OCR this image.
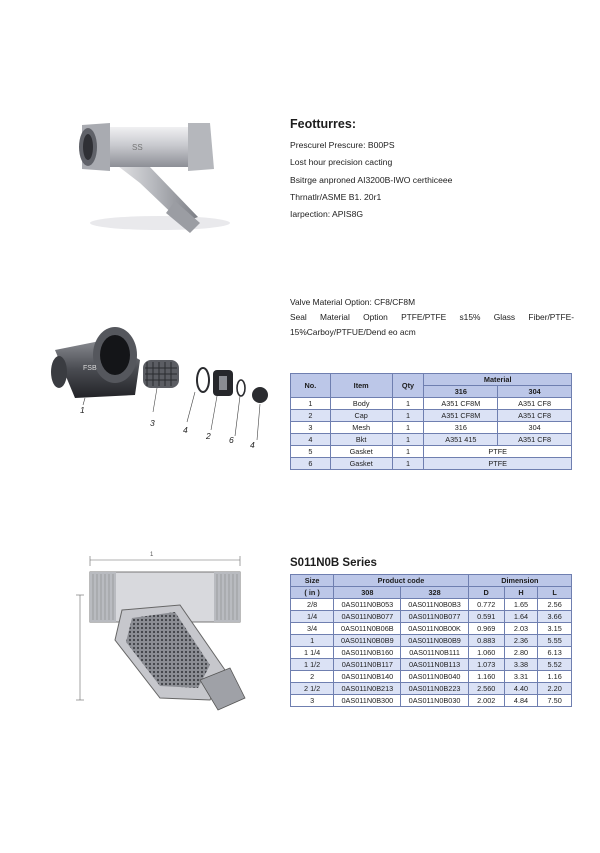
SS
Feotturres:
Prescurel Prescure: B00PS
Lost hour precision cacting
Bsitrge anproned AI3200B-IWO certhiceee
Thrnatlr/ASME B1. 20r1
Iarpection: APIS8G
FSB
1
3
4
2 6 4
Valve Material Option: CF8/CF8M
Seal Material Option PTFE/PTFE s15% Glass Fiber/PTFE-
15%Carboy/PTFUE/Dend eo acm
No.	Item	Qty	Material	
			316	304
1	Body	1	A351 CF8M	A351 CF8
2	Cap	1	A351 CF8M	A351 CF8
3	Mesh	1	316	304
4	Bkt	1	A351 415	A351 CF8
5	Gasket	1	PTFE	
6	Gasket	1	PTFE	
1
S011N0B Series
Size	Product code		Dimension		
( in )	308	328	D	H	L
2/8	0AS011N0B053	0AS011N0B0B3	0.772	1.65	2.56
1/4	0AS011N0B077	0AS011N0B077	0.591	1.64	3.66
3/4	0AS011N0B06B	0AS011N0B00K	0.969	2.03	3.15
1	0AS011N0B0B9	0AS011N0B0B9	0.883	2.36	5.55
1 1/4	0AS011N0B160	0AS011N0B111	1.060	2.80	6.13
1 1/2	0AS011N0B117	0AS011N0B113	1.073	3.38	5.52
2	0AS011N0B140	0AS011N0B040	1.160	3.31	1.16
2 1/2	0AS011N0B213	0AS011N0B223	2.560	4.40	2.20
3	0AS011N0B300	0AS011N0B030	2.002	4.84	7.50
